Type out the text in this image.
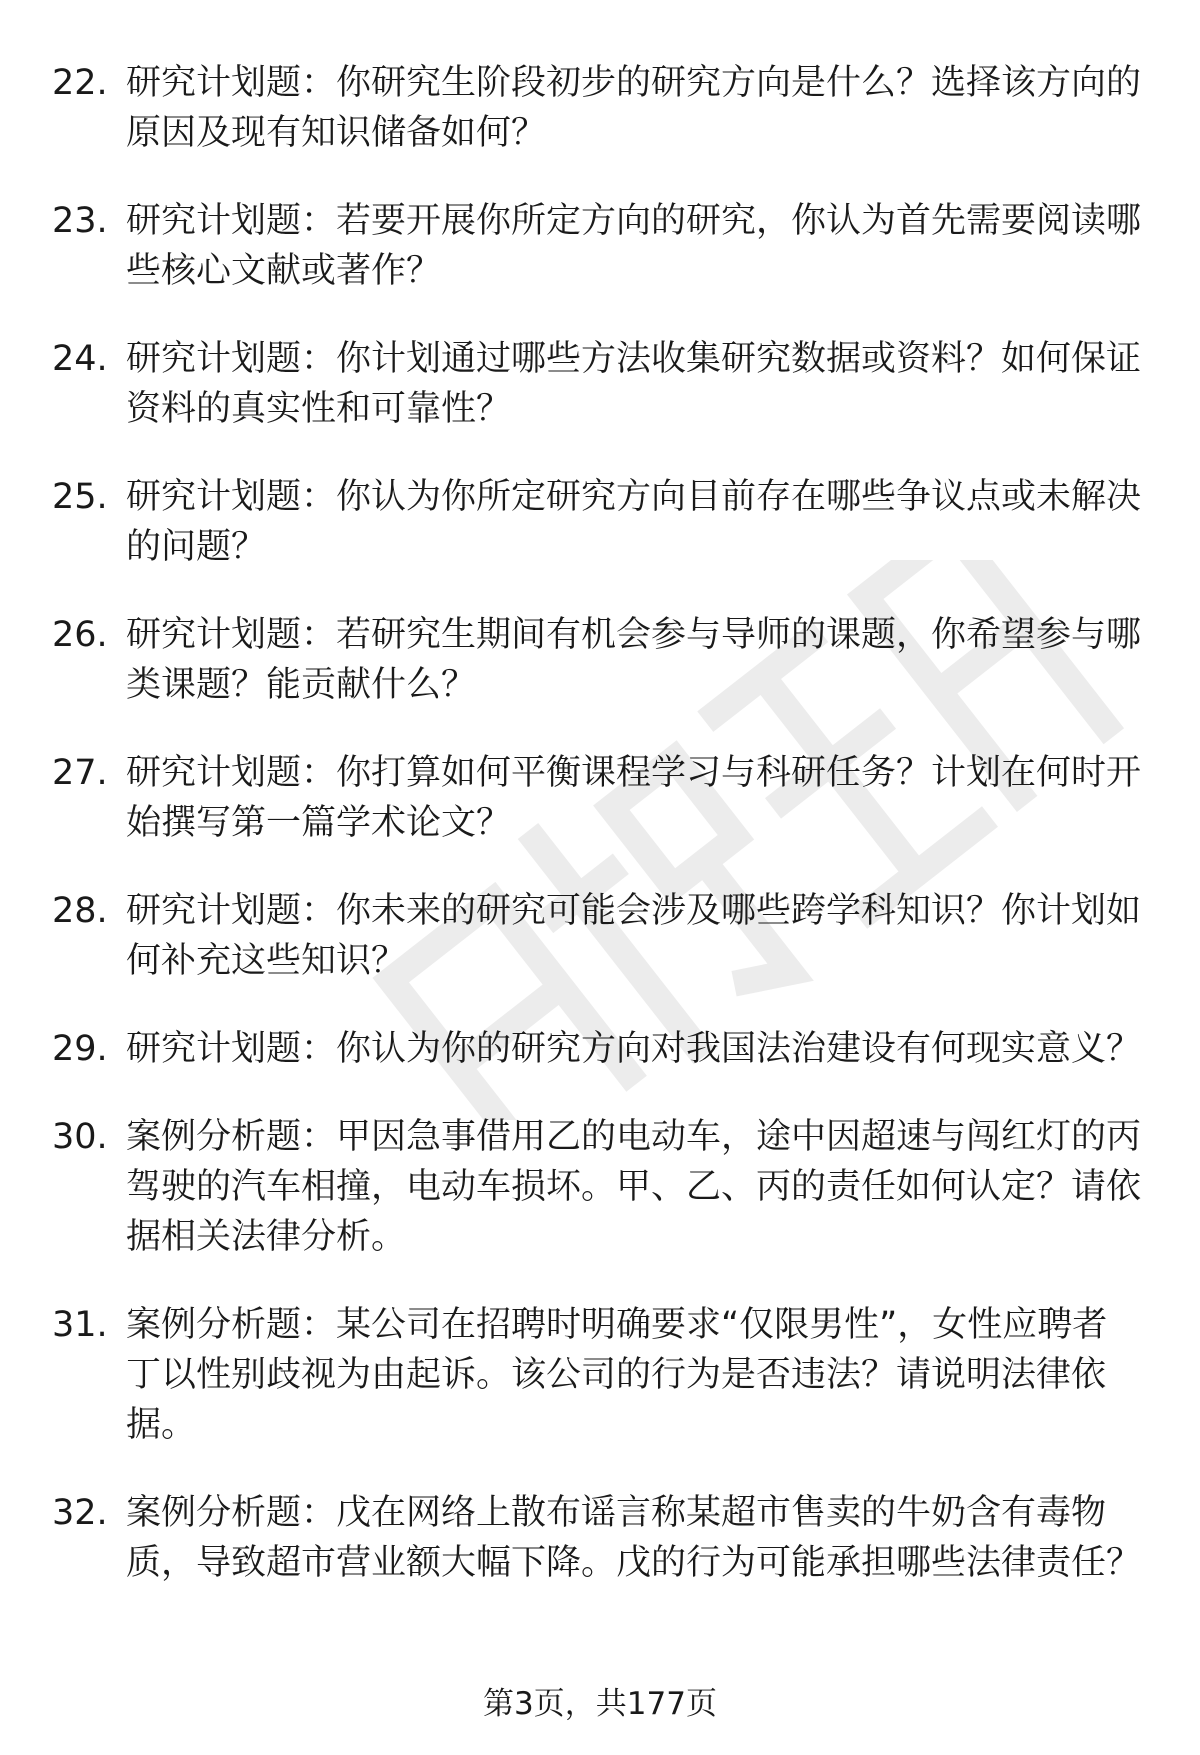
22. 研究计划题：你研究生阶段初步的研究方向是什么？选择该方向的原因及现有知识储备如何？
23. 研究计划题：若要开展你所定方向的研究，你认为首先需要阅读哪些核心文献或著作？
24. 研究计划题：你计划通过哪些方法收集研究数据或资料？如何保证资料的真实性和可靠性？
25. 研究计划题：你认为你所定研究方向目前存在哪些争议点或未解决的问题？
26. 研究计划题：若研究生期间有机会参与导师的课题，你希望参与哪类课题？能贡献什么？
27. 研究计划题：你打算如何平衡课程学习与科研任务？计划在何时开始撰写第一篇学术论文？
28. 研究计划题：你未来的研究可能会涉及哪些跨学科知识？你计划如何补充这些知识？
29. 研究计划题：你认为你的研究方向对我国法治建设有何现实意义？
30. 案例分析题：甲因急事借用乙的电动车，途中因超速与闯红灯的丙驾驶的汽车相撞，电动车损坏。甲、乙、丙的责任如何认定？请依据相关法律分析。
31. 案例分析题：某公司在招聘时明确要求“仅限男性”，女性应聘者丁以性别歧视为由起诉。该公司的行为是否违法？请说明法律依据。
32. 案例分析题：戊在网络上散布谣言称某超市售卖的牛奶含有毒物质，导致超市营业额大幅下降。戊的行为可能承担哪些法律责任？
第3页，共177页
